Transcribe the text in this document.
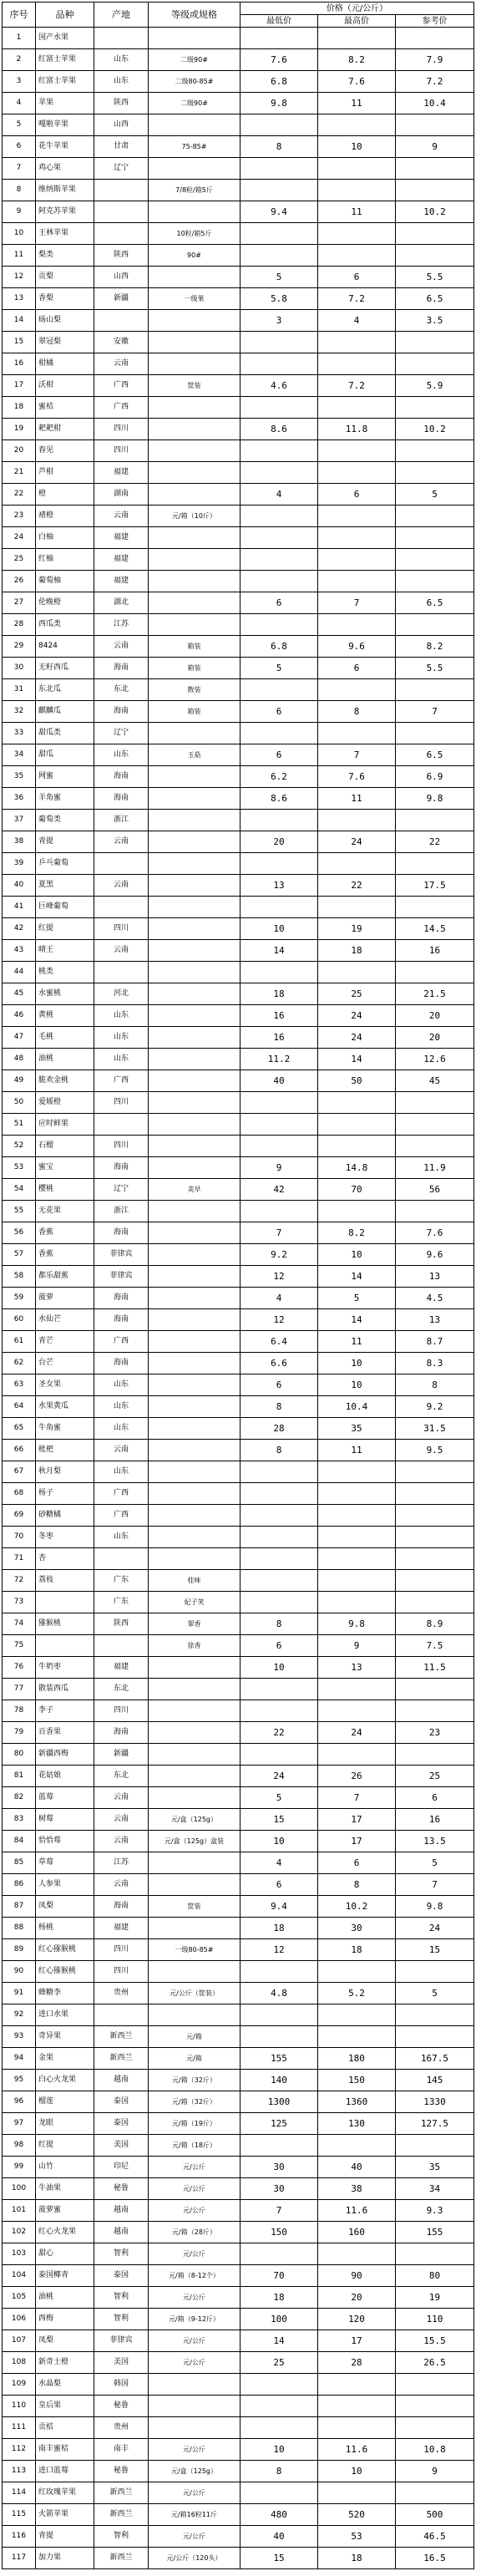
序号	品种	产地	等级或规格	价格（元/公斤）		
				最低价	最高价	参考价
1	国产水果					
2	红富士苹果	山东	二级90#	7.6	8.2	7.9
3	红富士苹果	山东	二级80-85#	6.8	7.6	7.2
4	苹果	陕西	二级90#	9.8	11	10.4
5	嘎啦苹果	山西				
6	花牛苹果	甘肃	75-85#	8	10	9
7	鸡心果	辽宁				
8	维纳斯苹果		7/8粒/箱5斤			
9	阿克苏苹果			9.4	11	10.2
10	王林苹果		10粒/箱5斤			
11	梨类	陕西	90#			
12	贡梨	山西		5	6	5.5
13	香梨	新疆	一级果	5.8	7.2	6.5
14	砀山梨			3	4	3.5
15	翠冠梨	安徽				
16	柑橘	云南				
17	沃柑	广西	筐装	4.6	7.2	5.9
18	蜜桔	广西				
19	耙耙柑	四川		8.6	11.8	10.2
20	春见	四川				
21	芦柑	福建				
22	橙	湖南		4	6	5
23	褚橙	云南	元/箱（10斤）			
24	白柚	福建				
25	红柚	福建				
26	葡萄柚	福建				
27	伦晚橙	湖北		6	7	6.5
28	西瓜类	江苏				
29	8424	云南	箱装	6.8	9.6	8.2
30	无籽西瓜	海南	箱装	5	6	5.5
31	东北瓜	东北	散装			
32	麒麟瓜	海南	箱装	6	8	7
33	甜瓜类	辽宁				
34	甜瓜	山东	玉菇	6	7	6.5
35	网蜜	海南		6.2	7.6	6.9
36	羊角蜜	海南		8.6	11	9.8
37	葡萄类	浙江				
38	青提	云南		20	24	22
39	乒乓葡萄					
40	夏黑	云南		13	22	17.5
41	巨峰葡萄					
42	红提	四川		10	19	14.5
43	晴王	云南		14	18	16
44	桃类					
45	水蜜桃	河北		18	25	21.5
46	黄桃	山东		16	24	20
47	毛桃	山东		16	24	20
48	油桃	山东		11.2	14	12.6
49	脆欢金桃	广西		40	50	45
50	爱媛橙	四川				
51	应时鲜果					
52	石榴	四川				
53	蜜宝	海南		9	14.8	11.9
54	樱桃	辽宁	美早	42	70	56
55	无花果	浙江				
56	香蕉	海南		7	8.2	7.6
57	香蕉	菲律宾		9.2	10	9.6
58	都乐甜蕉	菲律宾		12	14	13
59	菠萝	海南		4	5	4.5
60	水仙芒	海南		12	14	13
61	青芒	广西		6.4	11	8.7
62	台芒	海南		6.6	10	8.3
63	圣女果	山东		6	10	8
64	水果黄瓜	山东		8	10.4	9.2
65	牛角蜜	山东		28	35	31.5
66	枇杷	云南		8	11	9.5
67	秋月梨	山东				
68	杨子	广西				
69	砂糖橘	广西				
70	冬枣	山东				
71	杏					
72	荔枝	广东	桂味			
73		广东	妃子笑			
74	猕猴桃	陕西	翠香	8	9.8	8.9
75			徐香	6	9	7.5
76	牛奶枣	福建		10	13	11.5
77	散装西瓜	东北				
78	李子	四川				
79	百香果	海南		22	24	23
80	新疆西梅	新疆				
81	花姑娘	东北		24	26	25
82	蓝莓	云南		5	7	6
83	树莓	云南	元/盒（125g）	15	17	16
84	恰恰莓	云南	元/盒（125g）盒装	10	17	13.5
85	草莓	江苏		4	6	5
86	人参果	云南		6	8	7
87	凤梨	海南	筐装	9.4	10.2	9.8
88	杨桃	福建		18	30	24
89	红心猕猴桃	四川	一级80-85#	12	18	15
90	红心猕猴桃	四川				
91	蜂糖李	贵州	元/公斤（筐装）	4.8	5.2	5
92	进口水果					
93	奇异果	新西兰	元/箱			
94	金果	新西兰	元/箱	155	180	167.5
95	白心火龙果	越南	元/箱（32斤）	140	150	145
96	榴莲	泰国	元/箱（32斤）	1300	1360	1330
97	龙眼	泰国	元/箱（19斤）	125	130	127.5
98	红提	美国	元/箱（18斤）			
99	山竹	印尼	元/公斤	30	40	35
100	牛油果	秘鲁	元/公斤	30	38	34
101	菠萝蜜	越南	元/公斤	7	11.6	9.3
102	红心火龙果	越南	元/箱（28斤）	150	160	155
103	甜心	智利	元/公斤			
104	泰国椰青	泰国	元/箱（8-12个）	70	90	80
105	油桃	智利	元/公斤	18	20	19
106	西梅	智利	元/箱（9-12斤）	100	120	110
107	凤梨	菲律宾	元/公斤	14	17	15.5
108	新奇士橙	美国	元/公斤	25	28	26.5
109	水晶梨	韩国				
110	皇后果	秘鲁				
111	贡桔	贵州				
112	南丰蜜桔	南丰	元/公斤	10	11.6	10.8
113	进口蓝莓	秘鲁	元/盒（125g）	8	10	9
114	红玫瑰苹果	新西兰	元/公斤			
115	火箭苹果	新西兰	元/箱16粒11斤	480	520	500
116	青提	智利	元/公斤	40	53	46.5
117	加力果	新西兰	元/公斤（120头）	15	18	16.5
